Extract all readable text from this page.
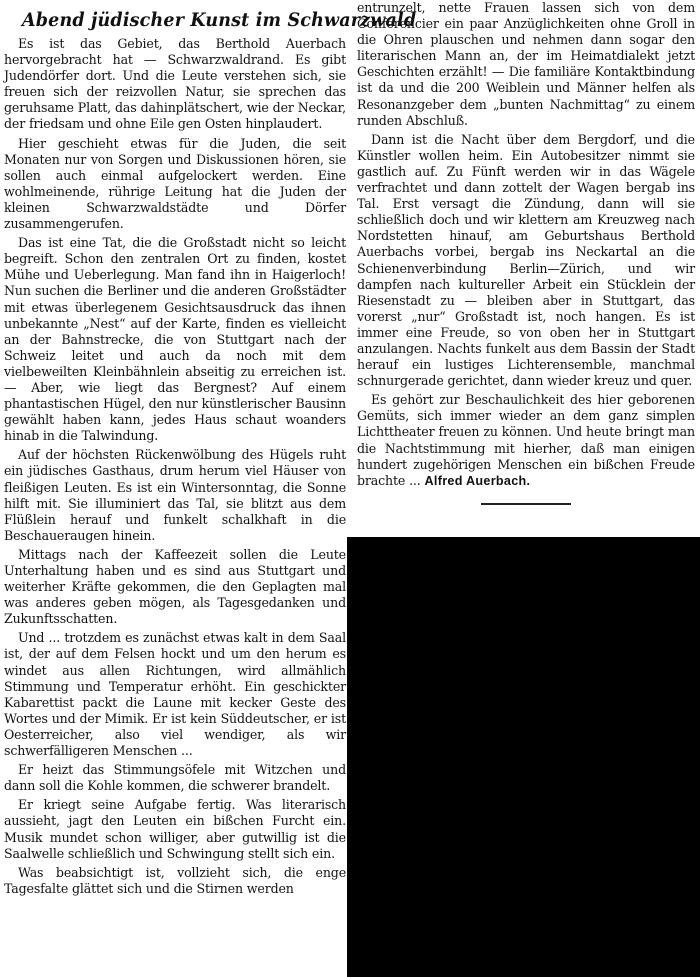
Abend jüdischer Kunst im Schwarzwald

Es ist das Gebiet, das Berthold Auerbach hervorgebracht hat — Schwarzwaldrand. Es gibt Judendörfer dort. Und die Leute verstehen sich, sie freuen sich der reizvollen Natur, sie sprechen das geruhsame Platt, das dahinplätschert, wie der Neckar, der friedsam und ohne Eile gen Osten hinplaudert.

Hier geschieht etwas für die Juden, die seit Monaten nur von Sorgen und Diskussionen hören, sie sollen auch einmal aufgelockert werden. Eine wohlmeinende, rührige Leitung hat die Juden der kleinen Schwarzwaldstädte und Dörfer zusammengerufen.

Das ist eine Tat, die die Großstadt nicht so leicht begreift. Schon den zentralen Ort zu finden, kostet Mühe und Ueberlegung. Man fand ihn in Haigerloch! Nun suchen die Berliner und die anderen Großstädter mit etwas überlegenem Gesichtsausdruck das ihnen unbekannte „Nest“ auf der Karte, finden es vielleicht an der Bahnstrecke, die von Stuttgart nach der Schweiz leitet und auch da noch mit dem vielbeweilten Kleinbähnlein abseitig zu erreichen ist. — Aber, wie liegt das Bergnest? Auf einem phantastischen Hügel, den nur künstlerischer Bausinn gewählt haben kann, jedes Haus schaut woanders hinab in die Talwindung.

Auf der höchsten Rückenwölbung des Hügels ruht ein jüdisches Gasthaus, drum herum viel Häuser von fleißigen Leuten. Es ist ein Wintersonntag, die Sonne hilft mit. Sie illuminiert das Tal, sie blitzt aus dem Flüßlein herauf und funkelt schalkhaft in die Beschaueraugen hinein.

Mittags nach der Kaffeezeit sollen die Leute Unterhaltung haben und es sind aus Stuttgart und weiterher Kräfte gekommen, die den Geplagten mal was anderes geben mögen, als Tagesgedanken und Zukunftsschatten.

Und ... trotzdem es zunächst etwas kalt in dem Saal ist, der auf dem Felsen hockt und um den herum es windet aus allen Richtungen, wird allmählich Stimmung und Temperatur erhöht. Ein geschickter Kabarettist packt die Laune mit kecker Geste des Wortes und der Mimik. Er ist kein Süddeutscher, er ist Oesterreicher, also viel wendiger, als wir schwerfälligeren Menschen ...

Er heizt das Stimmungsöfele mit Witzchen und dann soll die Kohle kommen, die schwerer brandelt.

Er kriegt seine Aufgabe fertig. Was literarisch aussieht, jagt den Leuten ein bißchen Furcht ein. Musik mundet schon williger, aber gutwillig ist die Saalwelle schließlich und Schwingung stellt sich ein.

Was beabsichtigt ist, vollzieht sich, die enge Tagesfalte glättet sich und die Stirnen werden

entrunzelt, nette Frauen lassen sich von dem Conférencier ein paar Anzüglichkeiten ohne Groll in die Ohren plauschen und nehmen dann sogar den literarischen Mann an, der im Heimatdialekt jetzt Geschichten erzählt! — Die familiäre Kontaktbindung ist da und die 200 Weiblein und Männer helfen als Resonanzgeber dem „bunten Nachmittag“ zu einem runden Abschluß.

Dann ist die Nacht über dem Bergdorf, und die Künstler wollen heim. Ein Autobesitzer nimmt sie gastlich auf. Zu Fünft werden wir in das Wägele verfrachtet und dann zottelt der Wagen bergab ins Tal. Erst versagt die Zündung, dann will sie schließlich doch und wir klettern am Kreuzweg nach Nordstetten hinauf, am Geburtshaus Berthold Auerbachs vorbei, bergab ins Neckartal an die Schienenverbindung Berlin—Zürich, und wir dampfen nach kultureller Arbeit ein Stücklein der Riesenstadt zu — bleiben aber in Stuttgart, das vorerst „nur“ Großstadt ist, noch hangen. Es ist immer eine Freude, so von oben her in Stuttgart anzulangen. Nachts funkelt aus dem Bassin der Stadt herauf ein lustiges Lichterensemble, manchmal schnurgerade gerichtet, dann wieder kreuz und quer.

Es gehört zur Beschaulichkeit des hier geborenen Gemüts, sich immer wieder an dem ganz simplen Lichttheater freuen zu können. Und heute bringt man die Nachtstimmung mit hierher, daß man einigen hundert zugehörigen Menschen ein bißchen Freude brachte ... Alfred Auerbach.
